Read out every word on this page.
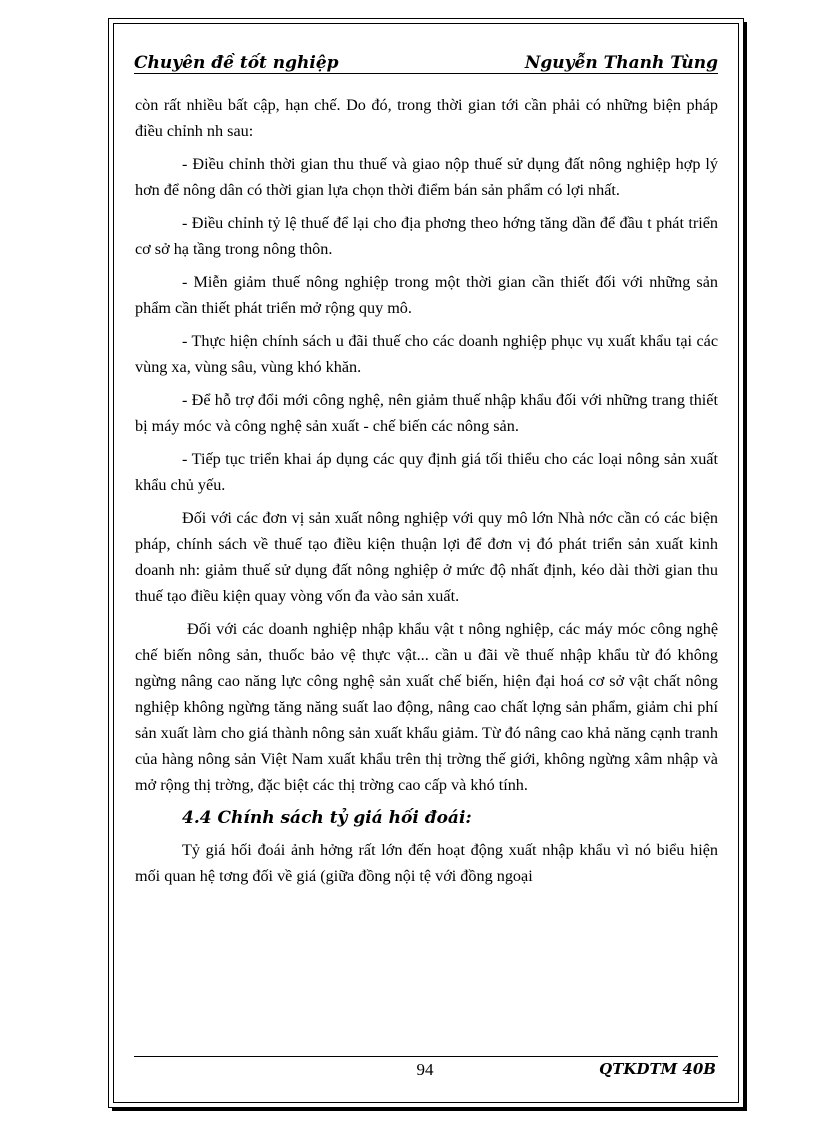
Chuyên đề tốt nghiệp	Nguyễn Thanh Tùng

còn rất nhiều bất cập, hạn chế. Do đó, trong thời gian tới cần phải có những biện pháp điều chỉnh nh sau:

- Điều chỉnh thời gian thu thuế và giao nộp thuế sử dụng đất nông nghiệp hợp lý hơn để nông dân có thời gian lựa chọn thời điểm bán sản phẩm có lợi nhất.

- Điều chỉnh tỷ lệ thuế để lại cho địa phơng theo hớng tăng dần để đầu t phát triển cơ sở hạ tầng trong nông thôn.

- Miễn giảm thuế nông nghiệp trong một thời gian cần thiết đối với những sản phẩm cần thiết phát triển mở rộng quy mô.

- Thực hiện chính sách u đãi thuế cho các doanh nghiệp phục vụ xuất khẩu tại các vùng xa, vùng sâu, vùng khó khăn.

- Để hỗ trợ đổi mới công nghệ, nên giảm thuế nhập khẩu đối với những trang thiết bị máy móc và công nghệ sản xuất - chế biến các nông sản.

- Tiếp tục triển khai áp dụng các quy định giá tối thiểu cho các loại nông sản xuất khẩu chủ yếu.

Đối với các đơn vị sản xuất nông nghiệp với quy mô lớn Nhà nớc cần có các biện pháp, chính sách về thuế tạo điều kiện thuận lợi để đơn vị đó phát triển sản xuất kinh doanh nh: giảm thuế sử dụng đất nông nghiệp ở mức độ nhất định, kéo dài thời gian thu thuế tạo điều kiện quay vòng vốn đa vào sản xuất.

Đối với các doanh nghiệp nhập khẩu vật t nông nghiệp, các máy móc công nghệ chế biến nông sản, thuốc bảo vệ thực vật... cần u đãi về thuế nhập khẩu từ đó không ngừng nâng cao năng lực công nghệ sản xuất chế biến, hiện đại hoá cơ sở vật chất nông nghiệp không ngừng tăng năng suất lao động, nâng cao chất lợng sản phẩm, giảm chi phí sản xuất làm cho giá thành nông sản xuất khẩu giảm. Từ đó nâng cao khả năng cạnh tranh của hàng nông sản Việt Nam xuất khẩu trên thị trờng thế giới, không ngừng xâm nhập và mở rộng thị trờng, đặc biệt các thị trờng cao cấp và khó tính.

4.4 Chính sách tỷ giá hối đoái:

Tỷ giá hối đoái ảnh hởng rất lớn đến hoạt động xuất nhập khẩu vì nó biểu hiện mối quan hệ tơng đối về giá (giữa đồng nội tệ với đồng ngoại

94	QTKDTM 40B
